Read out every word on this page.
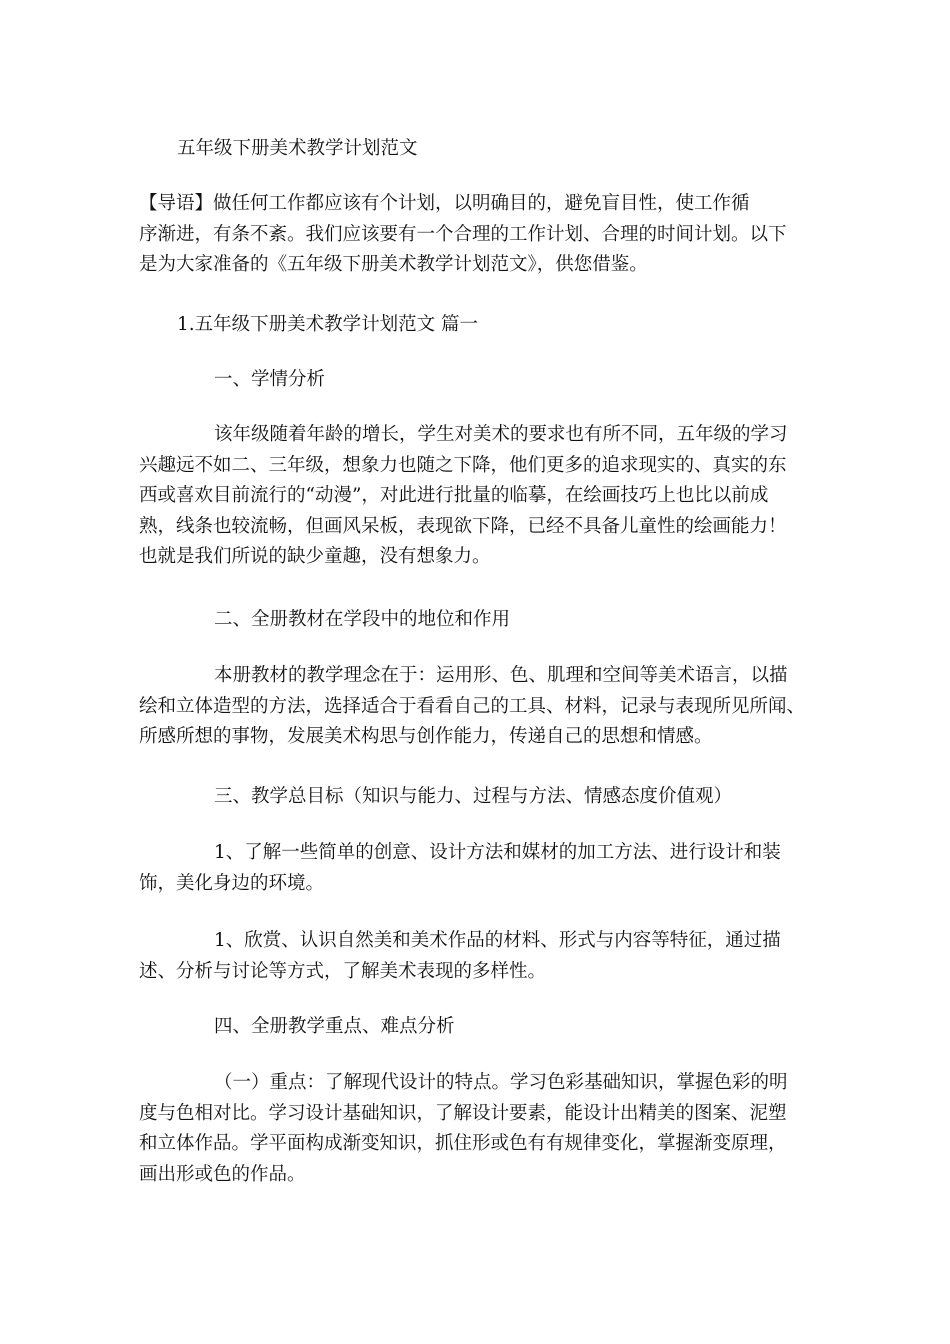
五年级下册美术教学计划范文
【导语】做任何工作都应该有个计划，以明确目的，避免盲目性，使工作循
序渐进，有条不紊。我们应该要有一个合理的工作计划、合理的时间计划。以下
是为大家准备的《五年级下册美术教学计划范文》，供您借鉴。
1.五年级下册美术教学计划范文 篇一
一、学情分析
该年级随着年龄的增长，学生对美术的要求也有所不同，五年级的学习
兴趣远不如二、三年级，想象力也随之下降，他们更多的追求现实的、真实的东
西或喜欢目前流行的“动漫”，对此进行批量的临摹，在绘画技巧上也比以前成
熟，线条也较流畅，但画风呆板，表现欲下降，已经不具备儿童性的绘画能力！
也就是我们所说的缺少童趣，没有想象力。
二、全册教材在学段中的地位和作用
本册教材的教学理念在于：运用形、色、肌理和空间等美术语言，以描
绘和立体造型的方法，选择适合于看看自己的工具、材料，记录与表现所见所闻、
所感所想的事物，发展美术构思与创作能力，传递自己的思想和情感。
三、教学总目标（知识与能力、过程与方法、情感态度价值观）
1、了解一些简单的创意、设计方法和媒材的加工方法、进行设计和装
饰，美化身边的环境。
1、欣赏、认识自然美和美术作品的材料、形式与内容等特征，通过描
述、分析与讨论等方式，了解美术表现的多样性。
四、全册教学重点、难点分析
（一）重点：了解现代设计的特点。学习色彩基础知识，掌握色彩的明
度与色相对比。学习设计基础知识，了解设计要素，能设计出精美的图案、泥塑
和立体作品。学平面构成渐变知识，抓住形或色有有规律变化，掌握渐变原理，
画出形或色的作品。
